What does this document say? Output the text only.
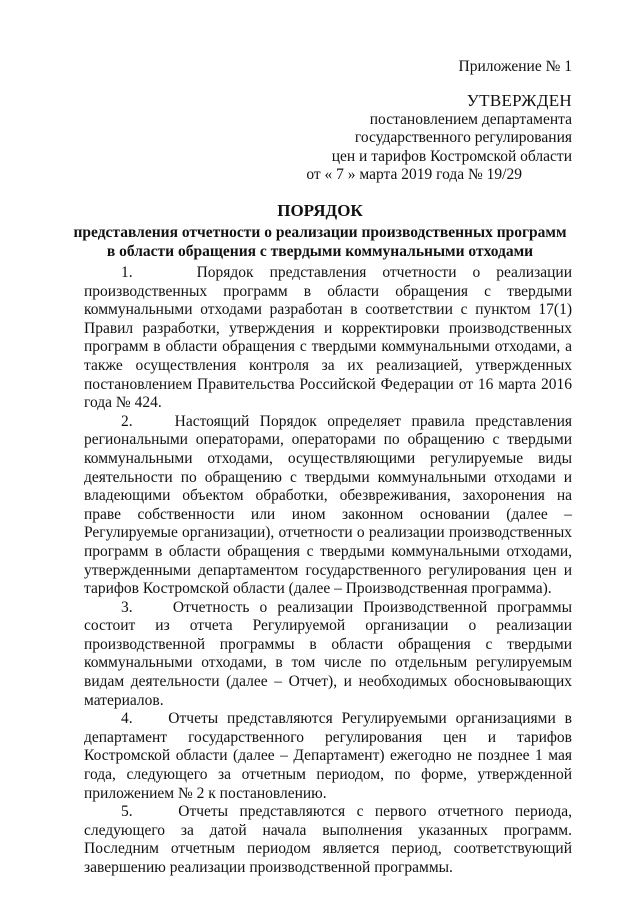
Приложение № 1
УТВЕРЖДЕН
постановлением департамента
государственного регулирования
цен и тарифов Костромской области
от « 7 » марта 2019 года № 19/29
ПОРЯДОК
представления отчетности о реализации производственных программ
в области обращения с твердыми коммунальными отходами

1.    Порядок представления отчетности о реализации производственных программ в области обращения с твердыми коммунальными отходами разработан в соответствии с пунктом 17(1) Правил разработки, утверждения и корректировки производственных программ в области обращения с твердыми коммунальными отходами, а также осуществления контроля за их реализацией, утвержденных постановлением Правительства Российской Федерации от 16 марта 2016 года № 424.

2.    Настоящий Порядок определяет правила представления региональными операторами, операторами по обращению с твердыми коммунальными отходами, осуществляющими регулируемые виды деятельности по обращению с твердыми коммунальными отходами и владеющими объектом обработки, обезвреживания, захоронения на праве собственности или ином законном основании (далее – Регулируемые организации), отчетности о реализации производственных программ в области обращения с твердыми коммунальными отходами, утвержденными департаментом государственного регулирования цен и тарифов Костромской области (далее – Производственная программа).

3.    Отчетность о реализации Производственной программы состоит из отчета Регулируемой организации о реализации производственной программы в области обращения с твердыми коммунальными отходами, в том числе по отдельным регулируемым видам деятельности (далее – Отчет), и необходимых обосновывающих материалов.

4.    Отчеты представляются Регулируемыми организациями в департамент государственного регулирования цен и тарифов Костромской области (далее – Департамент) ежегодно не позднее 1 мая года, следующего за отчетным периодом, по форме, утвержденной приложением № 2 к постановлению.

5.    Отчеты представляются с первого отчетного периода, следующего за датой начала выполнения указанных программ. Последним отчетным периодом является период, соответствующий завершению реализации производственной программы.
